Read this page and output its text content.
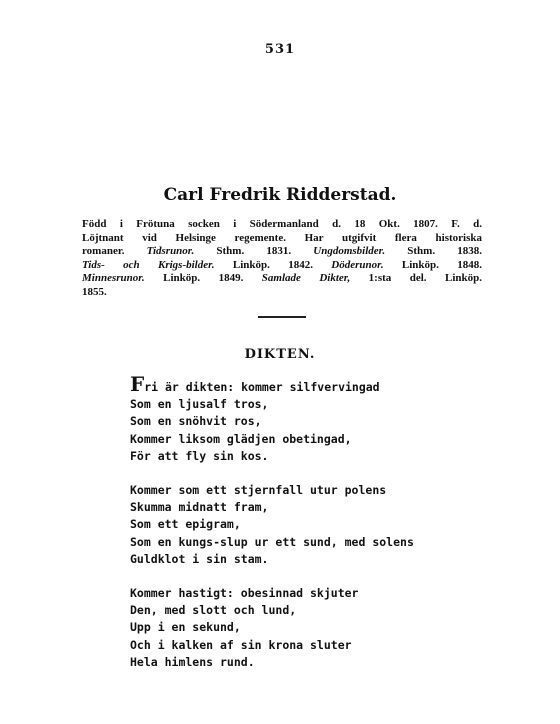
531
Carl Fredrik Ridderstad.
Född i Frötuna socken i Södermanland d. 18 Okt. 1807. F. d.
Löjtnant vid Helsinge regemente. Har utgifvit flera historiska
romaner. Tidsrunor. Sthm. 1831. Ungdomsbilder. Sthm. 1838.
Tids- och Krigs-bilder. Linköp. 1842. Döderunor. Linköp. 1848.
Minnesrunor. Linköp. 1849. Samlade Dikter, 1:sta del. Linköp.
1855.
DIKTEN.
Fri är dikten: kommer silfvervingad
Som en ljusalf tros,
Som en snöhvit ros,
Kommer liksom glädjen obetingad,
För att fly sin kos.
Kommer som ett stjernfall utur polens
Skumma midnatt fram,
Som ett epigram,
Som en kungs-slup ur ett sund, med solens
Guldklot i sin stam.
Kommer hastigt: obesinnad skjuter
Den, med slott och lund,
Upp i en sekund,
Och i kalken af sin krona sluter
Hela himlens rund.
